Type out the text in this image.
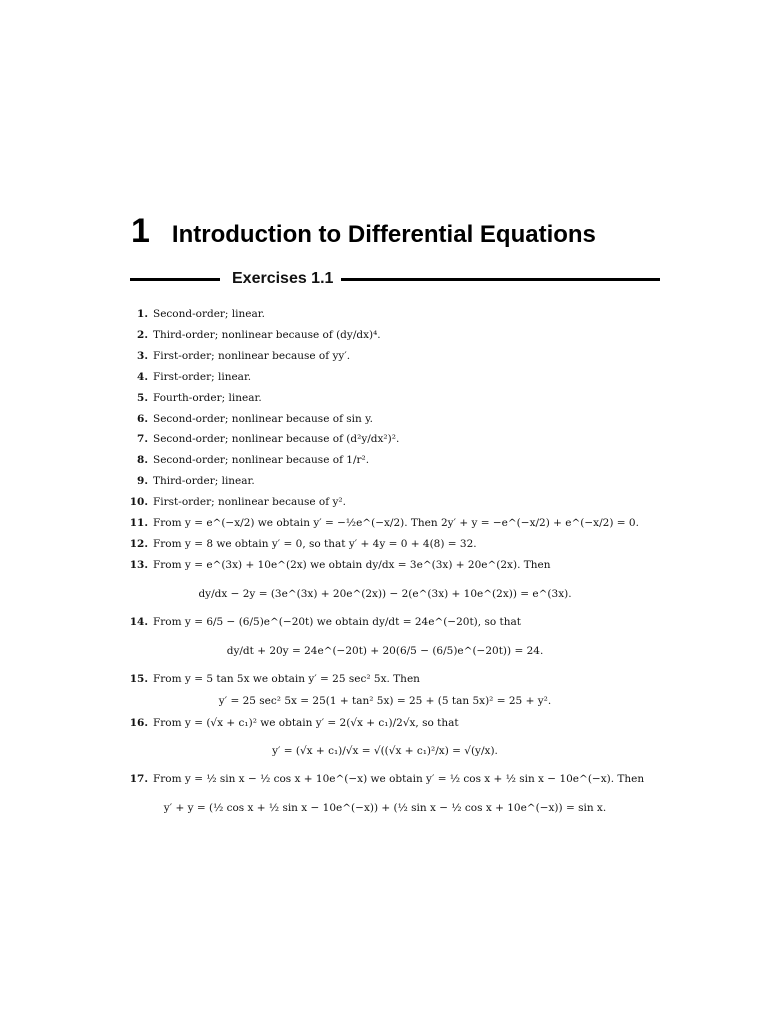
1 Introduction to Differential Equations
Exercises 1.1
1. Second-order; linear.
2. Third-order; nonlinear because of (dy/dx)⁴.
3. First-order; nonlinear because of yy′.
4. First-order; linear.
5. Fourth-order; linear.
6. Second-order; nonlinear because of sin y.
7. Second-order; nonlinear because of (d²y/dx²)².
8. Second-order; nonlinear because of 1/r².
9. Third-order; linear.
10. First-order; nonlinear because of y².
11. From y = e^(−x/2) we obtain y′ = −½e^(−x/2). Then 2y′ + y = −e^(−x/2) + e^(−x/2) = 0.
12. From y = 8 we obtain y′ = 0, so that y′ + 4y = 0 + 4(8) = 32.
13. From y = e^(3x) + 10e^(2x) we obtain dy/dx = 3e^(3x) + 20e^(2x). Then
dy/dx − 2y = (3e^(3x) + 20e^(2x)) − 2(e^(3x) + 10e^(2x)) = e^(3x).
14. From y = 6/5 − (6/5)e^(−20t) we obtain dy/dt = 24e^(−20t), so that
dy/dt + 20y = 24e^(−20t) + 20(6/5 − (6/5)e^(−20t)) = 24.
15. From y = 5 tan 5x we obtain y′ = 25 sec² 5x. Then
y′ = 25 sec² 5x = 25(1 + tan² 5x) = 25 + (5 tan 5x)² = 25 + y².
16. From y = (√x + c₁)² we obtain y′ = 2(√x + c₁)/2√x, so that
y′ = (√x + c₁)/√x = √((√x + c₁)²/x) = √(y/x).
17. From y = ½ sin x − ½ cos x + 10e^(−x) we obtain y′ = ½ cos x + ½ sin x − 10e^(−x). Then
y′ + y = (½ cos x + ½ sin x − 10e^(−x)) + (½ sin x − ½ cos x + 10e^(−x)) = sin x.
